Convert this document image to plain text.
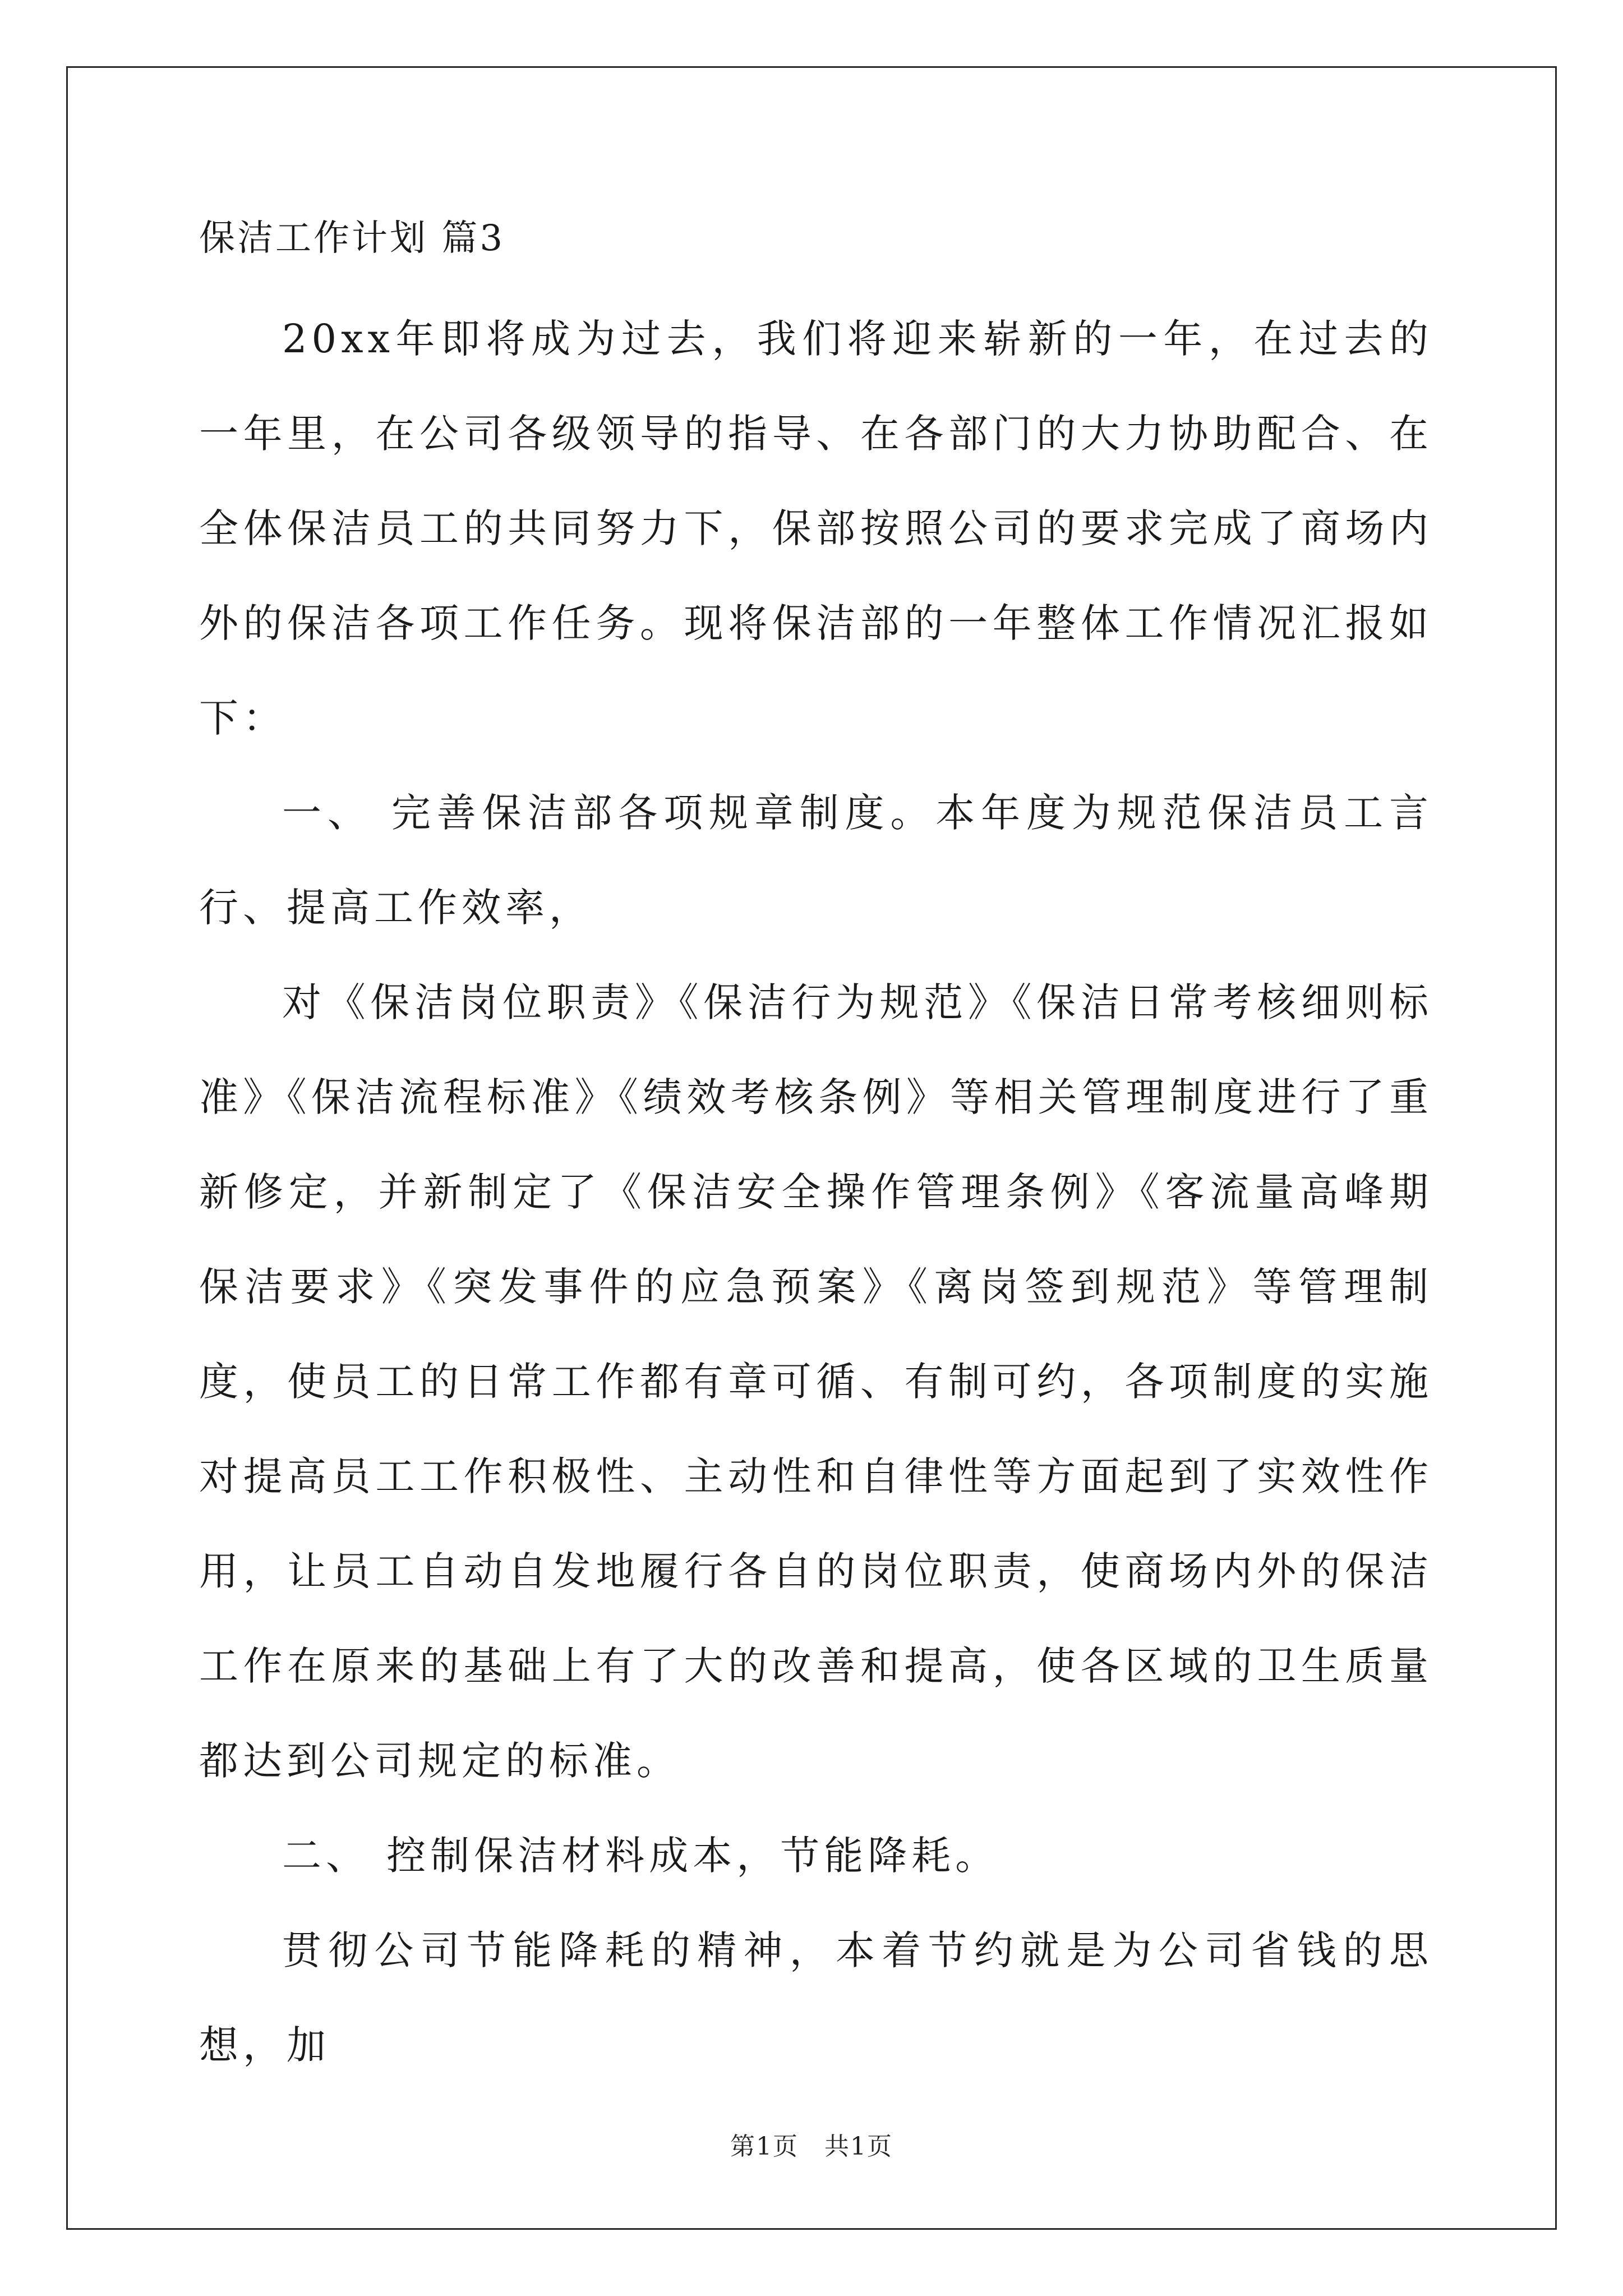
保洁工作计划 篇3

20xx年即将成为过去，我们将迎来崭新的一年，在过去的一年里，在公司各级领导的指导、在各部门的大力协助配合、在全体保洁员工的共同努力下，保部按照公司的要求完成了商场内外的保洁各项工作任务。现将保洁部的一年整体工作情况汇报如下：

一、 完善保洁部各项规章制度。本年度为规范保洁员工言行、提高工作效率，

对《保洁岗位职责》《保洁行为规范》《保洁日常考核细则标准》《保洁流程标准》《绩效考核条例》等相关管理制度进行了重新修定，并新制定了《保洁安全操作管理条例》《客流量高峰期保洁要求》《突发事件的应急预案》《离岗签到规范》等管理制度，使员工的日常工作都有章可循、有制可约，各项制度的实施对提高员工工作积极性、主动性和自律性等方面起到了实效性作用，让员工自动自发地履行各自的岗位职责，使商场内外的保洁工作在原来的基础上有了大的改善和提高，使各区域的卫生质量都达到公司规定的标准。

二、 控制保洁材料成本，节能降耗。

贯彻公司节能降耗的精神，本着节约就是为公司省钱的思想，加

第1页　共1页
